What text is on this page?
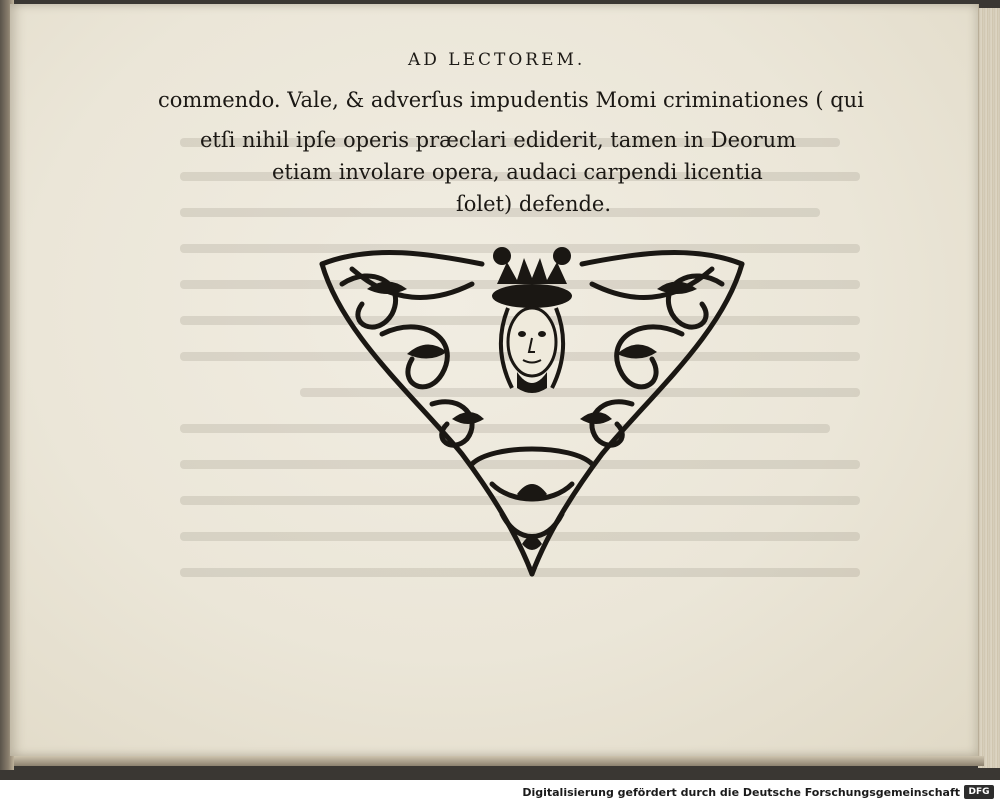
AD LECTOREM.
commendo. Vale, & adverſus impudentis Momi criminationes ( qui
etſi nihil ipſe operis præclari ediderit, tamen in Deorum
etiam involare opera, audaci carpendi licentia
ſolet) defende.
Digitalisierung gefördert durch die Deutsche Forschungsgemeinschaft DFG
